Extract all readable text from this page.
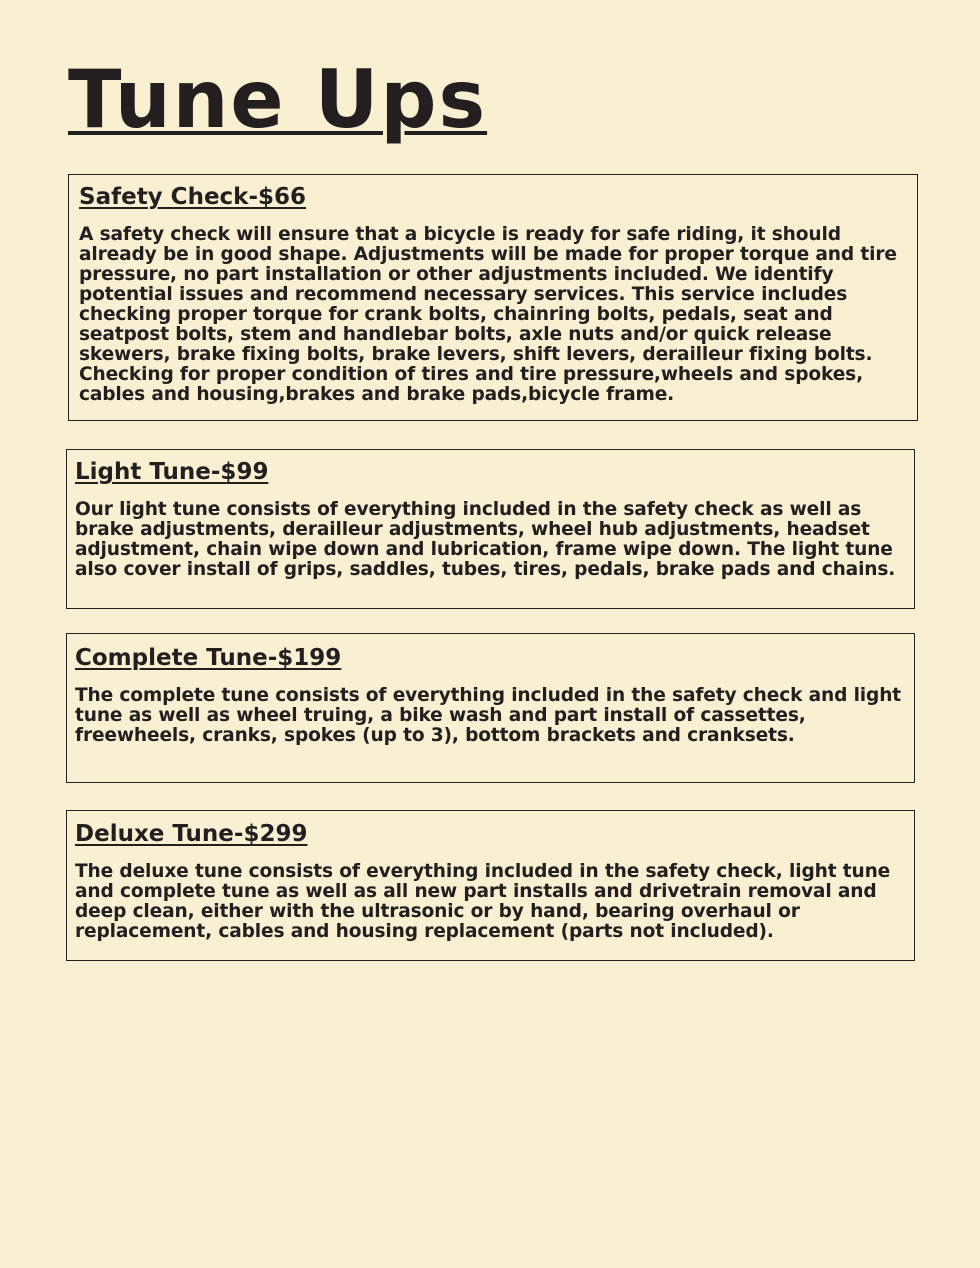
Tune Ups
Safety Check-$66

A safety check will ensure that a bicycle is ready for safe riding, it should
already be in good shape. Adjustments will be made for proper torque and tire
pressure, no part installation or other adjustments included. We identify
potential issues and recommend necessary services. This service includes
checking proper torque for crank bolts, chainring bolts, pedals, seat and
seatpost bolts, stem and handlebar bolts, axle nuts and/or quick release
skewers, brake fixing bolts, brake levers, shift levers, derailleur fixing bolts.
Checking for proper condition of tires and tire pressure,wheels and spokes,
cables and housing,brakes and brake pads,bicycle frame.

Light Tune-$99

Our light tune consists of everything included in the safety check as well as
brake adjustments, derailleur adjustments, wheel hub adjustments, headset
adjustment, chain wipe down and lubrication, frame wipe down. The light tune
also cover install of grips, saddles, tubes, tires, pedals, brake pads and chains.

Complete Tune-$199

The complete tune consists of everything included in the safety check and light
tune as well as wheel truing, a bike wash and part install of cassettes,
freewheels, cranks, spokes (up to 3), bottom brackets and cranksets.

Deluxe Tune-$299

The deluxe tune consists of everything included in the safety check, light tune
and complete tune as well as all new part installs and drivetrain removal and
deep clean, either with the ultrasonic or by hand, bearing overhaul or
replacement, cables and housing replacement (parts not included).
